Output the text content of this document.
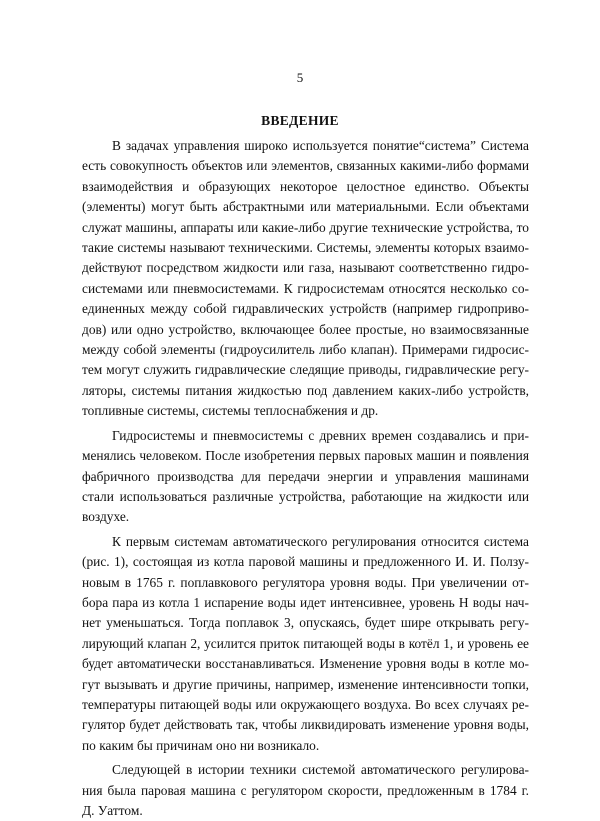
5
ВВЕДЕНИЕ
В задачах управления широко используется понятие“система” Система
есть совокупность объектов или элементов, связанных какими-либо формами
взаимодействия и образующих некоторое целостное единство. Объекты
(элементы) могут быть абстрактными или материальными. Если объектами
служат машины, аппараты или какие-либо другие технические устройства, то
такие системы называют техническими. Системы, элементы которых взаимо-
действуют посредством жидкости или газа, называют соответственно гидро-
системами или пневмосистемами. К гидросистемам относятся несколько со-
единенных между собой гидравлических устройств (например гидроприво-
дов) или одно устройство, включающее более простые, но взаимосвязанные
между собой элементы (гидроусилитель либо клапан). Примерами гидросис-
тем могут служить гидравлические следящие приводы, гидравлические регу-
ляторы, системы питания жидкостью под давлением каких-либо устройств,
топливные системы, системы теплоснабжения и др.
Гидросистемы и пневмосистемы с древних времен создавались и при-
менялись человеком. После изобретения первых паровых машин и появления
фабричного производства для передачи энергии и управления машинами
стали использоваться различные устройства, работающие на жидкости или
воздухе.
К первым системам автоматического регулирования относится система
(рис. 1), состоящая из котла паровой машины и предложенного И. И. Ползу-
новым в 1765 г. поплавкового регулятора уровня воды. При увеличении от-
бора пара из котла 1 испарение воды идет интенсивнее, уровень H воды нач-
нет уменьшаться. Тогда поплавок 3, опускаясь, будет шире открывать регу-
лирующий клапан 2, усилится приток питающей воды в котёл 1, и уровень ее
будет автоматически восстанавливаться. Изменение уровня воды в котле мо-
гут вызывать и другие причины, например, изменение интенсивности топки,
температуры питающей воды или окружающего воздуха. Во всех случаях ре-
гулятор будет действовать так, чтобы ликвидировать изменение уровня воды,
по каким бы причинам оно ни возникало.
Следующей в истории техники системой автоматического регулирова-
ния была паровая машина с регулятором скорости, предложенным в 1784 г.
Д. Уаттом.
